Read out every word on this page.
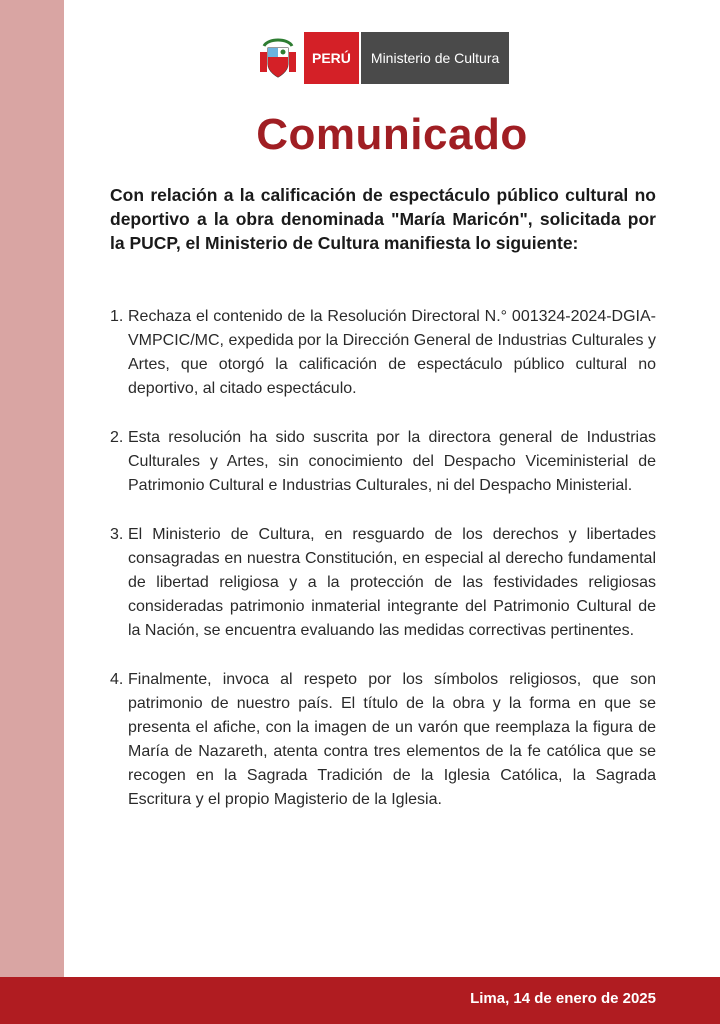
PERÚ	Ministerio de Cultura
Comunicado
Con relación a la calificación de espectáculo público cultural no deportivo a la obra denominada "María Maricón", solicitada por la PUCP, el Ministerio de Cultura manifiesta lo siguiente:
1. Rechaza el contenido de la Resolución Directoral N.° 001324-2024-DGIA-VMPCIC/MC, expedida por la Dirección General de Industrias Culturales y Artes, que otorgó la calificación de espectáculo público cultural no deportivo, al citado espectáculo.
2. Esta resolución ha sido suscrita por la directora general de Industrias Culturales y Artes, sin conocimiento del Despacho Viceministerial de Patrimonio Cultural e Industrias Culturales, ni del Despacho Ministerial.
3. El Ministerio de Cultura, en resguardo de los derechos y libertades consagradas en nuestra Constitución, en especial al derecho fundamental de libertad religiosa y a la protección de las festividades religiosas consideradas patrimonio inmaterial integrante del Patrimonio Cultural de la Nación, se encuentra evaluando las medidas correctivas pertinentes.
4. Finalmente, invoca al respeto por los símbolos religiosos, que son patrimonio de nuestro país. El título de la obra y la forma en que se presenta el afiche, con la imagen de un varón que reemplaza la figura de María de Nazareth, atenta contra tres elementos de la fe católica que se recogen en la Sagrada Tradición de la Iglesia Católica, la Sagrada Escritura y el propio Magisterio de la Iglesia.
Lima, 14 de enero de 2025
